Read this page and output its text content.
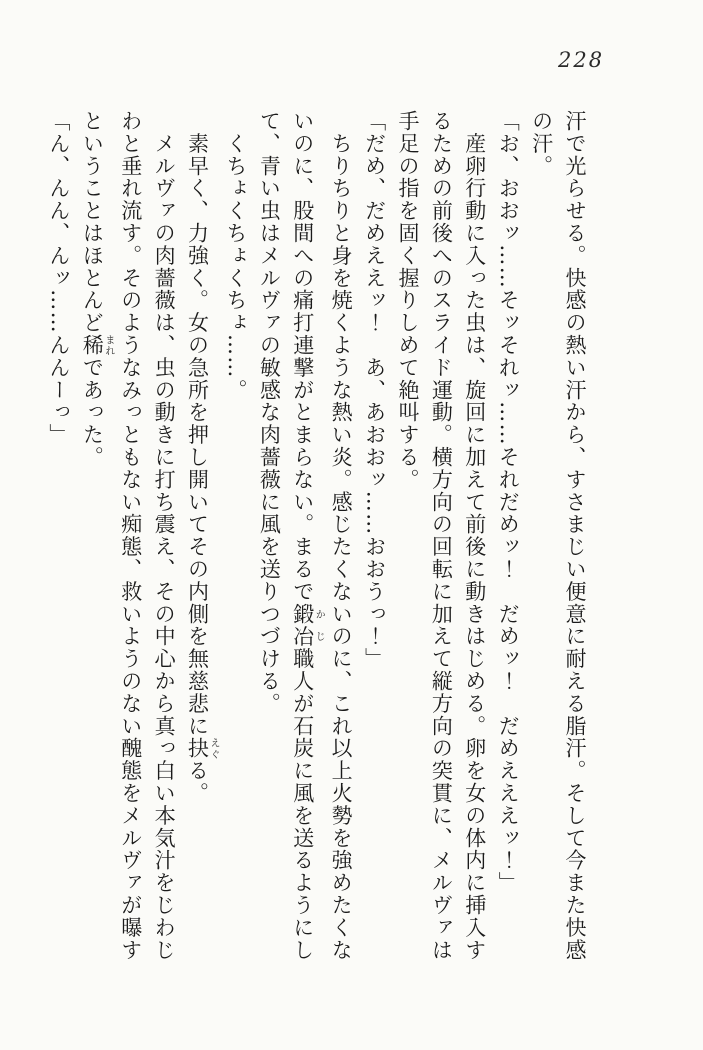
228

汗で光らせる。快感の熱い汗から、すさまじい便意に耐える脂汗。そして今また快感

の汗。

「お、おおッ……そッそれッ……それだめッ！　だめッ！　だめえええッ！」

　産卵行動に入った虫は、旋回に加えて前後に動きはじめる。卵を女の体内に挿入す

るための前後へのスライド運動。横方向の回転に加えて縦方向の突貫に、メルヴァは

手足の指を固く握りしめて絶叫する。

「だめ、だめええッ！　あ、あおおッ……おおうっ！」

　ちりちりと身を焼くような熱い炎。感じたくないのに、これ以上火勢を強めたくな

いのに、股間への痛打連撃がとまらない。まるで鍛冶かじ職人が石炭に風を送るようにし

て、青い虫はメルヴァの敏感な肉薔薇に風を送りつづける。

　くちょくちょくちょ……。

　素早く、力強く。女の急所を押し開いてその内側を無慈悲に抉えぐる。

　メルヴァの肉薔薇は、虫の動きに打ち震え、その中心から真っ白い本気汁をじわじ

わと垂れ流す。そのようなみっともない痴態、救いようのない醜態をメルヴァが曝す

ということはほとんど稀まれであった。

「ん、んん、んッ……んんーっ」
